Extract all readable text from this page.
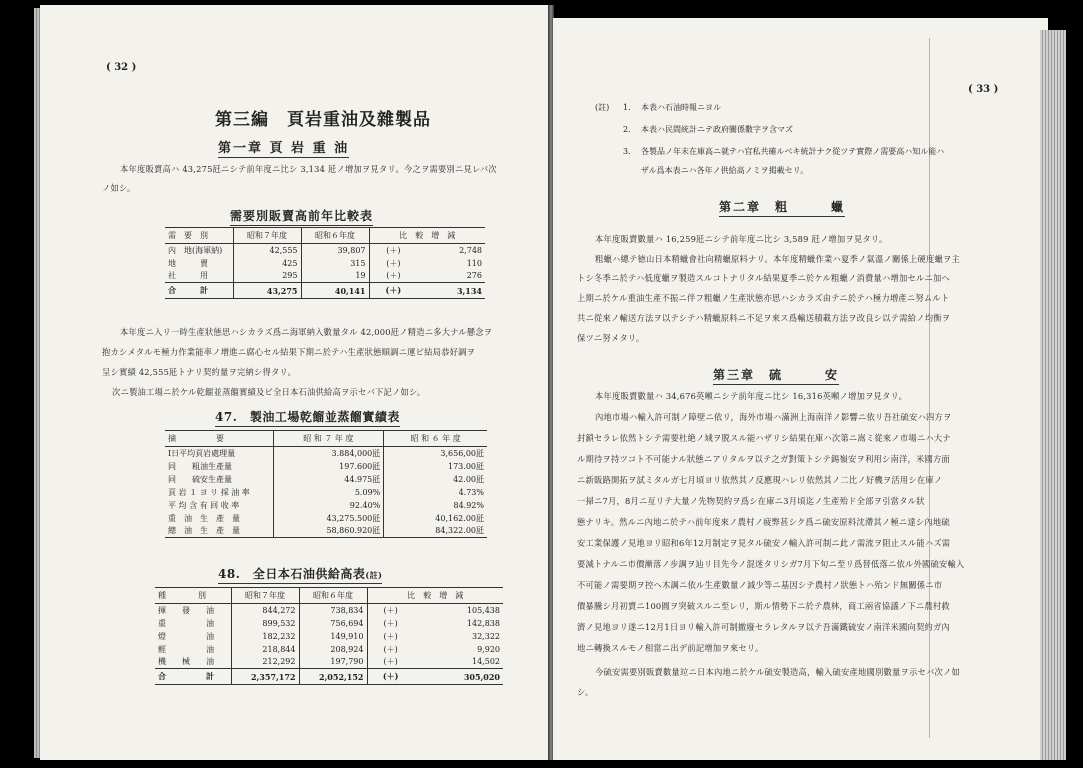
( 32 )
第三編　頁岩重油及雜製品
第一章 頁 岩 重 油
本年度販賣高ハ 43,275瓩ニシテ前年度ニ比シ 3,134 瓩ノ增加ヲ見タリ。今之ヲ需要別ニ見レバ次
ノ如シ。
需要別販賣高前年比較表
需　要　別	昭和７年度	昭和６年度	比　較　增　減	
內　地(海軍納)	42,555	39,807	(＋)	2,748
地　　　賣	425	315	(＋)	110
社　　　用	295	19	(＋)	276
合　　　計	43,275	40,141	(＋)	3,134
本年度ニ入リ一時生產狀態思ハシカラズ爲ニ海軍納入數量タル 42,000瓩ノ精造ニ多大ナル懸念ヲ
抱カシメタルモ極力作業能率ノ增進ニ腐心セル結果下期ニ於テハ生產狀態順調ニ運ビ結局恭好調ヲ
呈シ實績 42,555瓩トナリ契約量ヲ完納シ得タリ。
次ニ製油工場ニ於ケル乾餾並蒸餾實績及ビ全日本石油供給高ヲ示セバ下記ノ如シ。
47.　製油工場乾餾並蒸餾實績表
摘　　　　　要	昭 和 ７ 年 度	昭 和 ６ 年 度
I日平均頁岩處理量	3.884,000瓩	3,656,00瓩
同　　粗油生產量	197.600瓩	173.00瓩
同　　硫安生產量	44.975瓩	42.00瓩
頁 岩 １ ヨ リ 採 油 率	5.09%	4.73%
平 均 含 有 回 收 率	92.40%	84.92%
重　油　生　產　量	43,275.500瓩	40,162.00瓩
總　油　生　產　量	58,860.920瓩	84,322.00瓩
48.　全日本石油供給高表(註)
種　　　　別	昭和７年度	昭和６年度	比　較　增　減	
揮　　發　　油	844,272	738,834	(＋)	105,438
重　　　　　油	899,532	756,694	(＋)	142,838
燈　　　　　油	182,232	149,910	(＋)	32,322
輕　　　　　油	218,844	208,924	(＋)	9,920
機　　械　　油	212,292	197,790	(＋)	14,502
合　　　　　計	2,357,172	2,052,152	(＋)	305,020
( 33 )
(註) 1. 本表ハ石油時報ニヨル
2. 本表ハ民間統計ニテ政府關係數字ヲ含マズ
3. 各製品ノ年末在庫高ニ就テハ官私共確ルベキ統計ナク從ツテ實際ノ需要高ハ知ル能ハ
ザル爲本表ニハ各年ノ供給高ノミヲ掲載セリ。
第二章　粗　　　蠟
本年度販賣數量ハ 16,259瓩ニシテ前年度ニ比シ 3,589 瓩ノ增加ヲ見タリ。
粗蠟ハ總テ徳山日本精蠟會社向精蠟原料ナリ。本年度精蠟作業ハ夏季ノ氣溫ノ關係上硬度蠟ヲ主
トシ冬季ニ於テハ低度蠟ヲ製造スルコトナリタル結果夏季ニ於ケル粗蠟ノ消費量ハ增加セルニ加ヘ
上期ニ於ケル重油生產不振ニ伴フ粗蠟ノ生產狀態亦思ハシカラズ由テニ於テハ極力増產ニ努ムルト
共ニ從來ノ輸送方法ヲ以テシテハ精蠟原料ニ不足ヲ來ス爲輸送積載方法ヲ改良シ以テ需給ノ均衡ヲ
保ツニ努メタリ。
第三章　硫　　　安
本年度販賣數量ハ 34,676英噸ニシテ前年度ニ比シ 16,316英噸ノ增加ヲ見タリ。
內地市場ハ輸入許可制ノ障壁ニ依リ，海外市場ハ滿洲上海南洋ノ影響ニ依リ吾社硫安ハ四方ヲ
封鎖セラレ依然トシテ需要杜絶ノ域ヲ脱スル能ハザリシ結果在庫ハ次第ニ嵩ミ從來ノ市場ニハ大ナ
ル期待ヲ持ツコト不可能ナル狀態ニアリタルヲ以テ之ガ對策トシテ錫嶺安ヲ利用シ南洋，米國方面
ニ新販路開拓ヲ試ミタルガ七月頃ヨリ依然其ノ反應現ハレリ依然其ノ二比ノ好機ヲ活用シ在庫ノ
一掃ニ7月，8月ニ亙リテ大量ノ先物契約ヲ爲シ在庫ニ3月頃迄ノ生產殆ド全部ヲ引當タル狀
態ナリキ。然ルニ內地ニ於テハ前年度來ノ農村ノ疲弊甚シク爲ニ硫安原料沈滯其ノ極ニ達シ內地硫
安工業保護ノ見地ヨリ昭和6年12月制定ヲ見タル硫安ノ輸入許可制ニ此ノ需流ヲ阻止スル能ハズ需
要減トナルニ市價漸落ノ步調ヲ辿リ目先今ノ混迷タリシガ7月下旬ニ至リ爲替低落ニ依ル外國硫安輸入
不可能ノ需要期ヲ控ヘ木調ニ依ル生產數量ノ減少等ニ基因シテ農村ノ狀態トハ殆ンド無關係ニ市
價暴騰シ月初賣ニ100圓ヲ突破スルニ至レリ，斯ル情勢下ニ於テ農林，商工兩省協議ノ下ニ農村救
濟ノ見地ヨリ遂ニ12月1日ヨリ輸入許可制撤廢セラレタルヲ以テ吾滿鐵硫安ノ南洋米國向契約ガ內
地ニ轉換スルモノ相當ニ出デ前記增加ヲ來セリ。
今硫安需要別販賣數量竝ニ日本內地ニ於ケル硫安製造高，輸入硫安產地國別數量ヲ示セバ次ノ如
シ。
